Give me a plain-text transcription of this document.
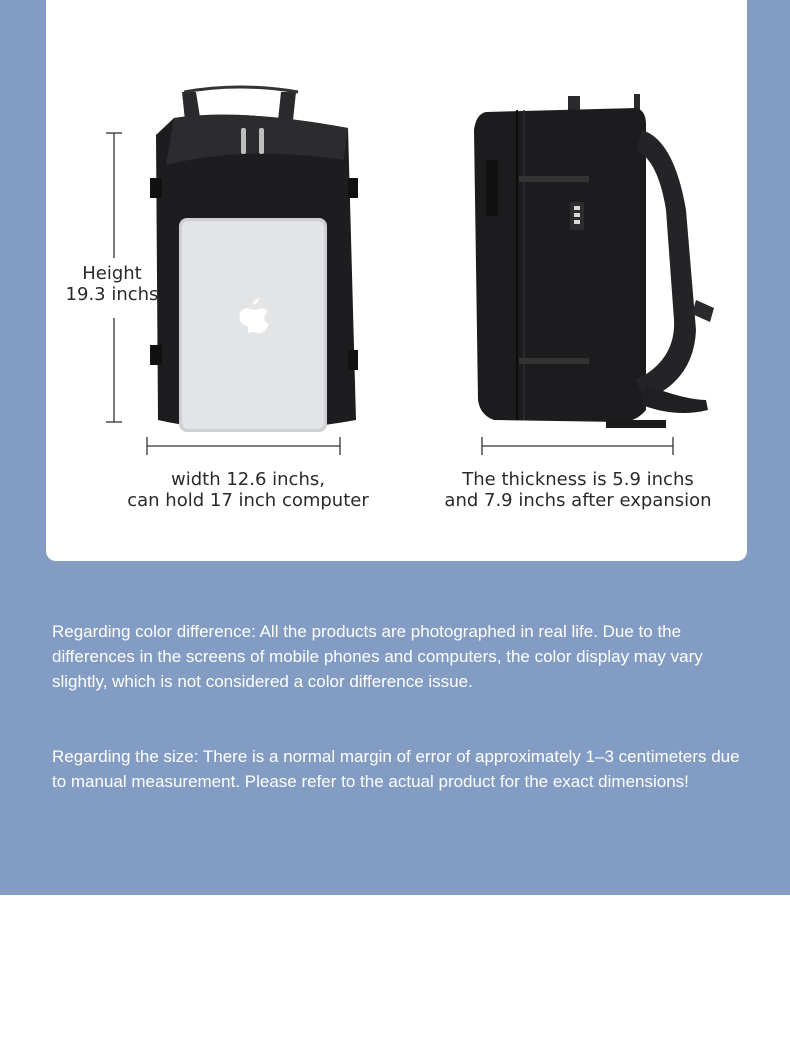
Height
19.3 inchs
width 12.6 inchs,
can hold 17 inch computer
The thickness is 5.9 inchs
and 7.9 inchs after expansion
Regarding color difference: All the products are photographed in real life. Due to the differences in the screens of mobile phones and computers, the color display may vary slightly, which is not considered a color difference issue.
Regarding the size: There is a normal margin of error of approximately 1–3 centimeters due to manual measurement. Please refer to the actual product for the exact dimensions!
